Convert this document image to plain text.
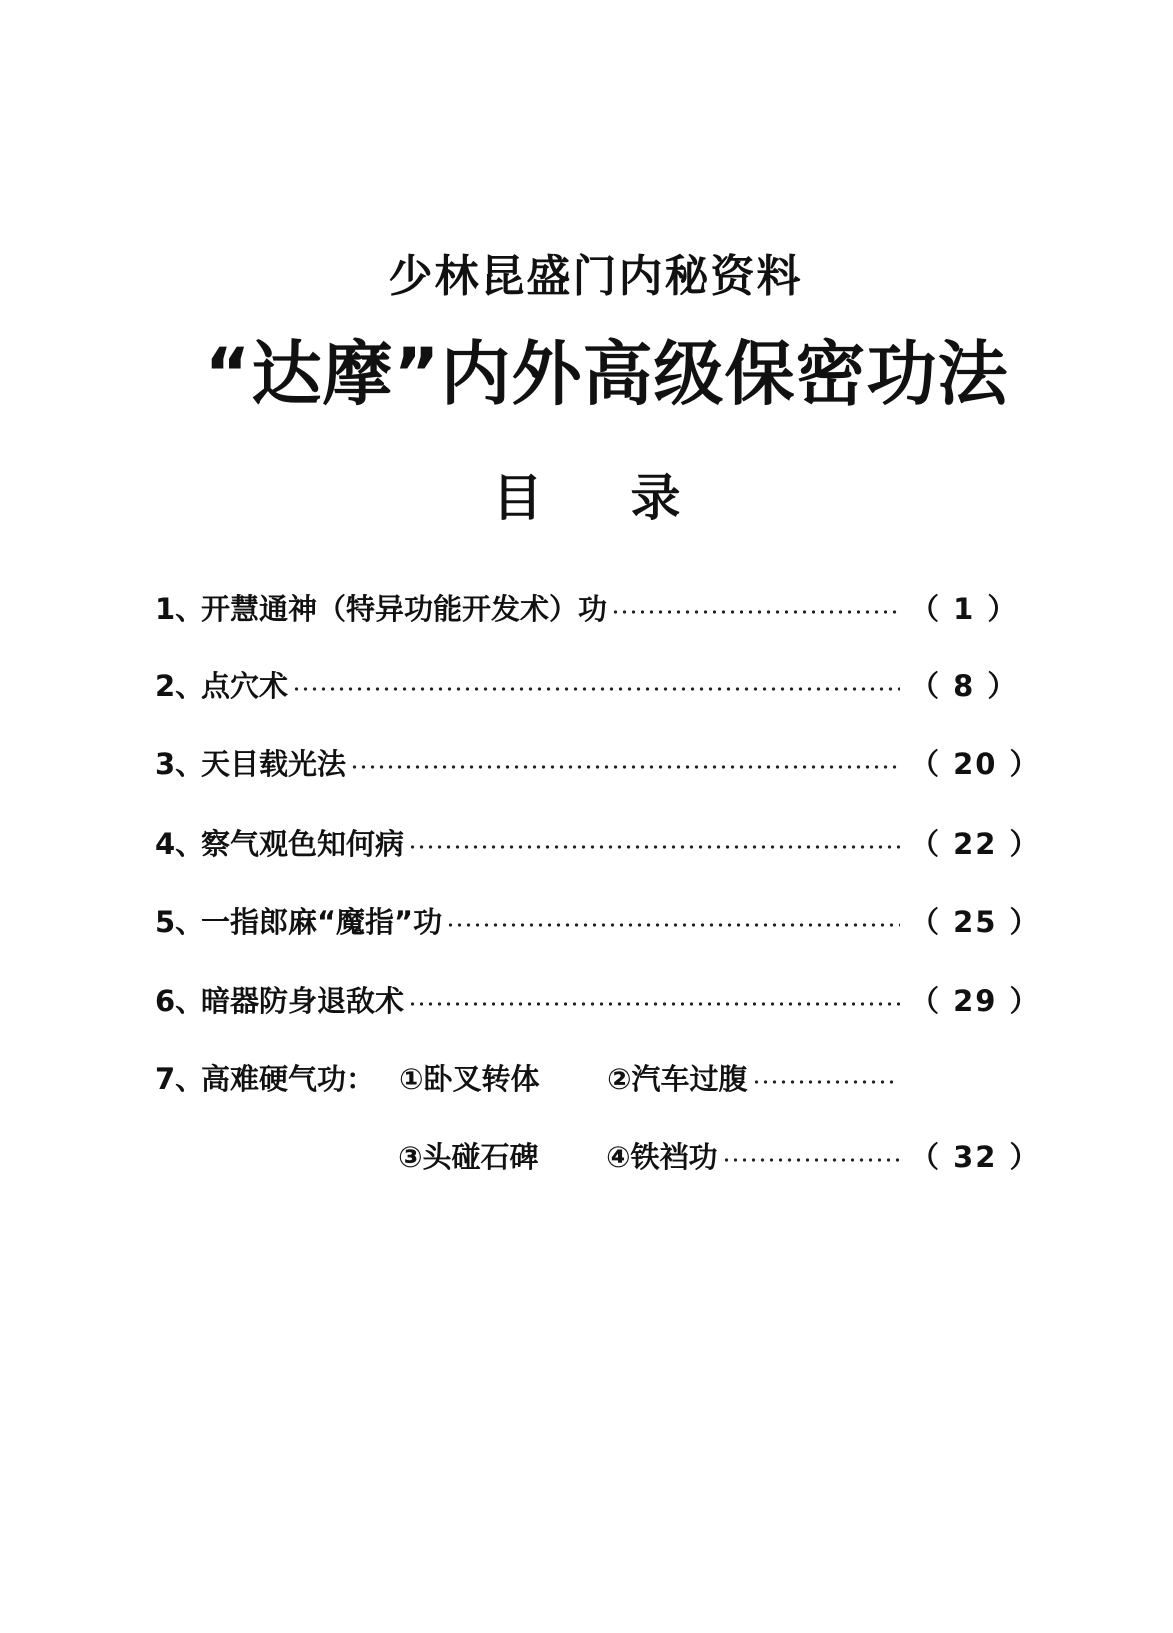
少林昆盛门内秘资料
“达摩”内外高级保密功法
目 录
1、
开慧通神（特异功能开发术）功	（ 1 ）
2、
点穴术	（ 8 ）
3、
天目载光法	（ 20 ）
4、
察气观色知何病	（ 22 ）
5、
一指郎麻“魔指”功	（ 25 ）
6、
暗器防身退敌术	（ 29 ）
7、
高难硬气功： ①卧叉转体	②汽车过腹
③头碰石碑	④铁裆功	（ 32 ）
